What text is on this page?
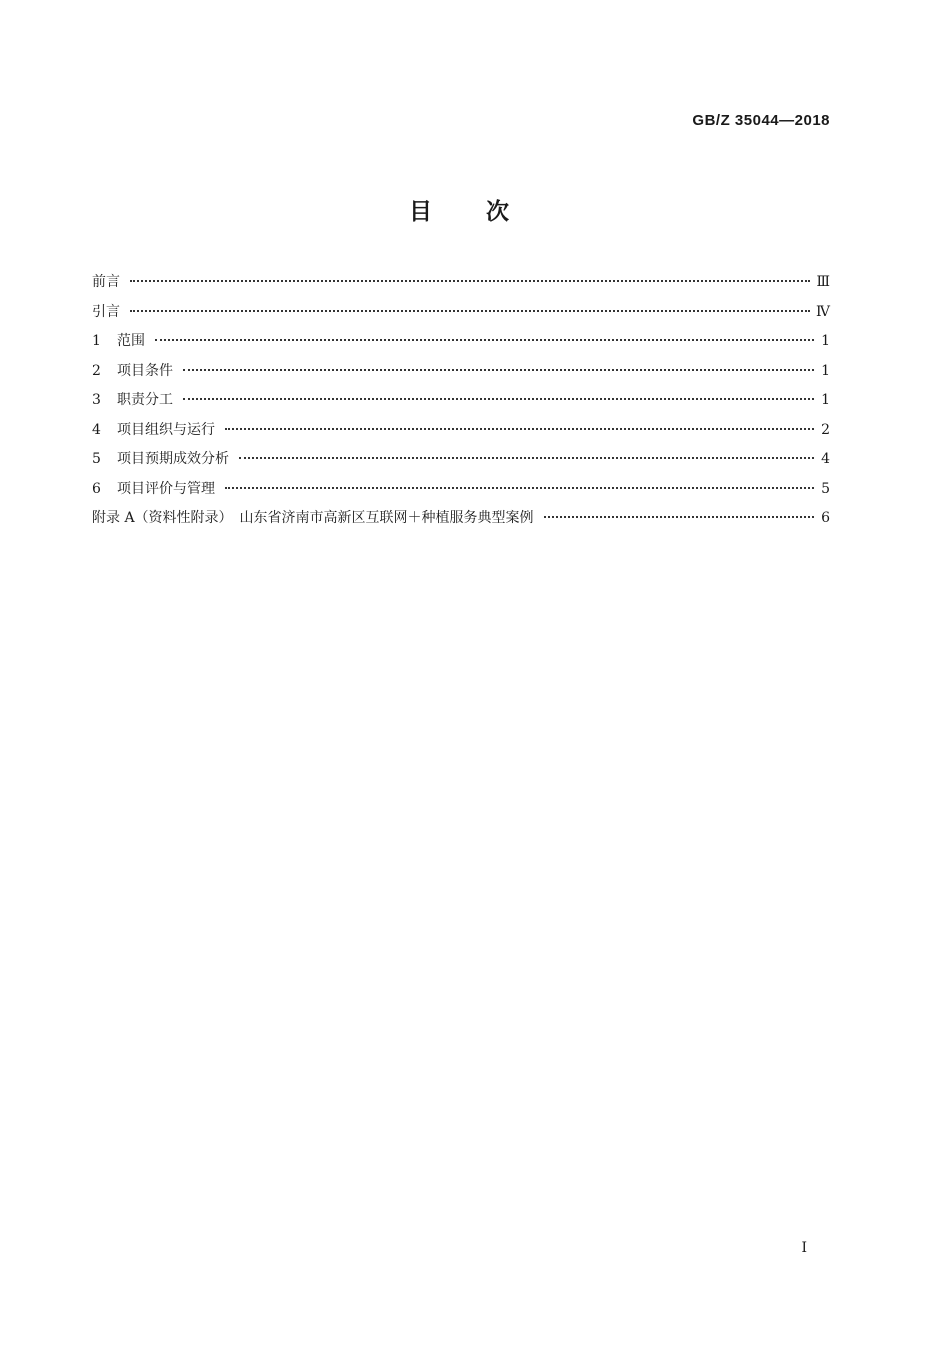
GB/Z 35044—2018
目 次
前言	Ⅲ
引言	Ⅳ
1	范围	1
2	项目条件	1
3	职责分工	1
4	项目组织与运行	2
5	项目预期成效分析	4
6	项目评价与管理	5
附录 A（资料性附录）　山东省济南市高新区互联网＋种植服务典型案例	6
I
